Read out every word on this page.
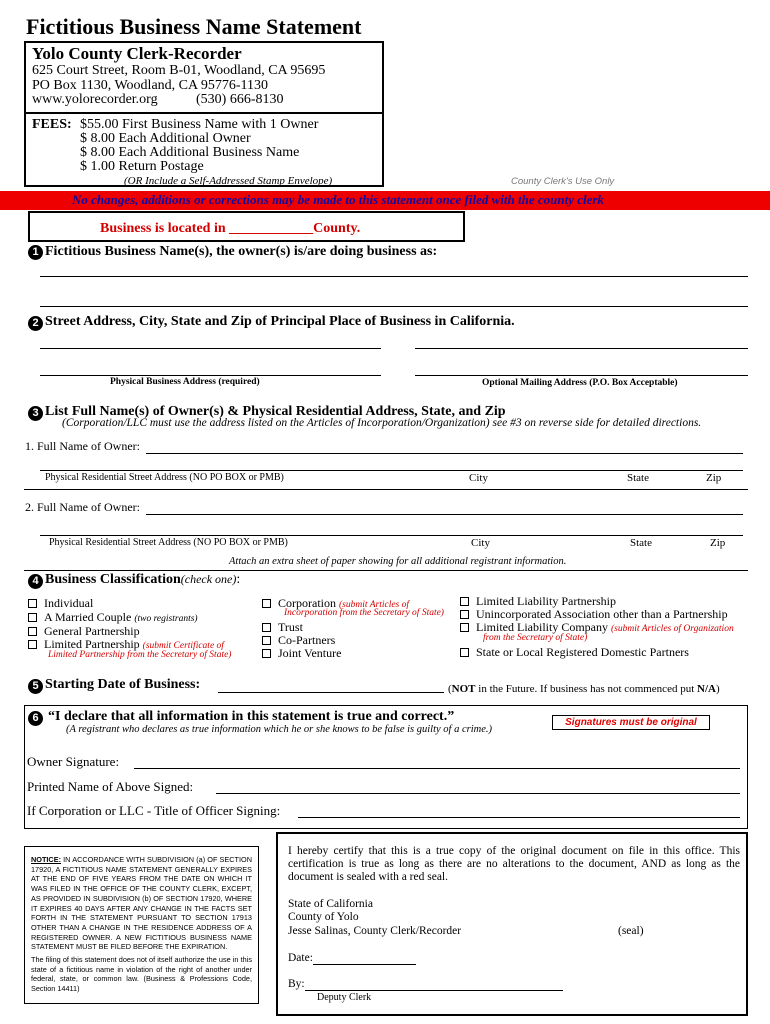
Fictitious Business Name Statement
Yolo County Clerk-Recorder
625 Court Street, Room B-01, Woodland, CA 95695
PO Box 1130, Woodland, CA 95776-1130
www.yolorecorder.org	(530) 666-8130
FEES: $55.00 First Business Name with 1 Owner
$ 8.00 Each Additional Owner
$ 8.00 Each Additional Business Name
$ 1.00 Return Postage
(OR Include a Self-Addressed Stamp Envelope)	County Clerk's Use Only
No changes, additions or corrections may be made to this statement once filed with the county clerk
Business is located in ____________County.
1 Fictitious Business Name(s), the owner(s) is/are doing business as:
2 Street Address, City, State and Zip of Principal Place of Business in California.
Physical Business Address (required)	Optional Mailing Address (P.O. Box Acceptable)
3 List Full Name(s) of Owner(s) & Physical Residential Address, State, and Zip
(Corporation/LLC must use the address listed on the Articles of Incorporation/Organization) see #3 on reverse side for detailed directions.
1. Full Name of Owner:
Physical Residential Street Address (NO PO BOX or PMB)	City	State	Zip
2. Full Name of Owner:
Physical Residential Street Address (NO PO BOX or PMB)	City	State	Zip
Attach an extra sheet of paper showing for all additional registrant information.
4 Business Classification(check one):
Individual
A Married Couple (two registrants)
General Partnership
Limited Partnership (submit Certificate of
Limited Partnership from the Secretary of State)
Corporation (submit Articles of
Incorporation from the Secretary of State)
Trust
Co-Partners
Joint Venture
Limited Liability Partnership
Unincorporated Association other than a Partnership
Limited Liability Company (submit Articles of Organization
from the Secretary of State)
State or Local Registered Domestic Partners
5 Starting Date of Business:	(NOT in the Future. If business has not commenced put N/A)
6 “I declare that all information in this statement is true and correct.”
(A registrant who declares as true information which he or she knows to be false is guilty of a crime.)
Signatures must be original
Owner Signature:
Printed Name of Above Signed:
If Corporation or LLC - Title of Officer Signing:
NOTICE: IN ACCORDANCE WITH SUBDIVISION (a) OF SECTION 17920, A FICTITIOUS NAME STATEMENT GENERALLY EXPIRES AT THE END OF FIVE YEARS FROM THE DATE ON WHICH IT WAS FILED IN THE OFFICE OF THE COUNTY CLERK, EXCEPT, AS PROVIDED IN SUBDIVISION (b) OF SECTION 17920, WHERE IT EXPIRES 40 DAYS AFTER ANY CHANGE IN THE FACTS SET FORTH IN THE STATEMENT PURSUANT TO SECTION 17913 OTHER THAN A CHANGE IN THE RESIDENCE ADDRESS OF A REGISTERED OWNER. A NEW FICTITIOUS BUSINESS NAME STATEMENT MUST BE FILED BEFORE THE EXPIRATION.
The filing of this statement does not of itself authorize the use in this state of a fictitious name in violation of the right of another under federal, state, or common law. (Business & Professions Code, Section 14411)
I hereby certify that this is a true copy of the original document on file in this office. This certification is true as long as there are no alterations to the document, AND as long as the document is sealed with a red seal.
State of California
County of Yolo
Jesse Salinas, County Clerk/Recorder	(seal)
Date:
By:
Deputy Clerk
